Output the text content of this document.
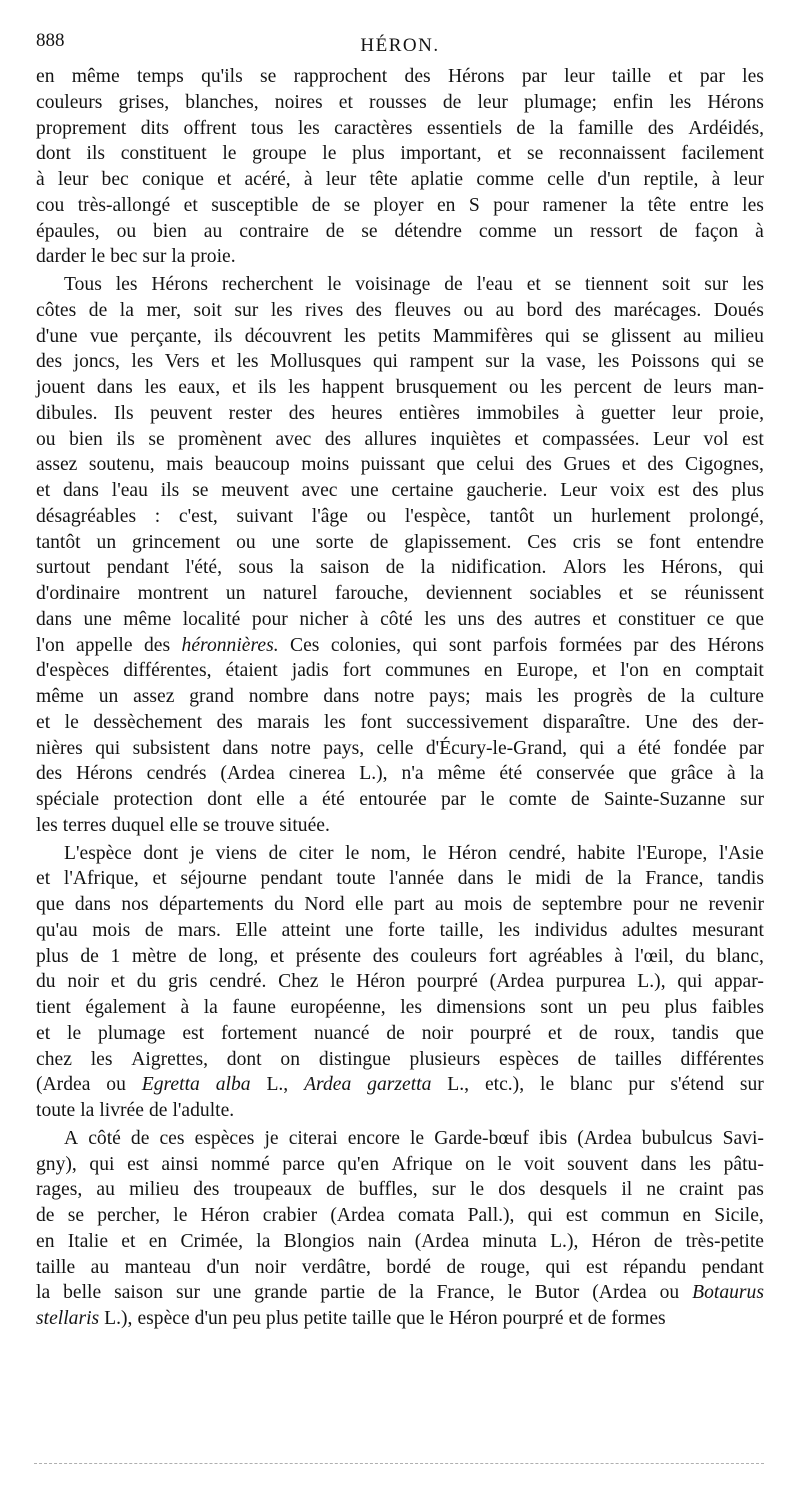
888	HÉRON.
en même temps qu'ils se rapprochent des Hérons par leur taille et par les
couleurs grises, blanches, noires et rousses de leur plumage; enfin les Hérons
proprement dits offrent tous les caractères essentiels de la famille des Ardéidés,
dont ils constituent le groupe le plus important, et se reconnaissent facilement
à leur bec conique et acéré, à leur tête aplatie comme celle d'un reptile, à leur
cou très-allongé et susceptible de se ployer en S pour ramener la tête entre les
épaules, ou bien au contraire de se détendre comme un ressort de façon à
darder le bec sur la proie.
Tous les Hérons recherchent le voisinage de l'eau et se tiennent soit sur les
côtes de la mer, soit sur les rives des fleuves ou au bord des marécages. Doués
d'une vue perçante, ils découvrent les petits Mammifères qui se glissent au milieu
des joncs, les Vers et les Mollusques qui rampent sur la vase, les Poissons qui se
jouent dans les eaux, et ils les happent brusquement ou les percent de leurs man-
dibules. Ils peuvent rester des heures entières immobiles à guetter leur proie,
ou bien ils se promènent avec des allures inquiètes et compassées. Leur vol est
assez soutenu, mais beaucoup moins puissant que celui des Grues et des Cigognes,
et dans l'eau ils se meuvent avec une certaine gaucherie. Leur voix est des plus
désagréables : c'est, suivant l'âge ou l'espèce, tantôt un hurlement prolongé,
tantôt un grincement ou une sorte de glapissement. Ces cris se font entendre
surtout pendant l'été, sous la saison de la nidification. Alors les Hérons, qui
d'ordinaire montrent un naturel farouche, deviennent sociables et se réunissent
dans une même localité pour nicher à côté les uns des autres et constituer ce que
l'on appelle des héronnières. Ces colonies, qui sont parfois formées par des Hérons
d'espèces différentes, étaient jadis fort communes en Europe, et l'on en comptait
même un assez grand nombre dans notre pays; mais les progrès de la culture
et le dessèchement des marais les font successivement disparaître. Une des der-
nières qui subsistent dans notre pays, celle d'Écury-le-Grand, qui a été fondée par
des Hérons cendrés (Ardea cinerea L.), n'a même été conservée que grâce à la
spéciale protection dont elle a été entourée par le comte de Sainte-Suzanne sur
les terres duquel elle se trouve située.
L'espèce dont je viens de citer le nom, le Héron cendré, habite l'Europe, l'Asie
et l'Afrique, et séjourne pendant toute l'année dans le midi de la France, tandis
que dans nos départements du Nord elle part au mois de septembre pour ne revenir
qu'au mois de mars. Elle atteint une forte taille, les individus adultes mesurant
plus de 1 mètre de long, et présente des couleurs fort agréables à l'œil, du blanc,
du noir et du gris cendré. Chez le Héron pourpré (Ardea purpurea L.), qui appar-
tient également à la faune européenne, les dimensions sont un peu plus faibles
et le plumage est fortement nuancé de noir pourpré et de roux, tandis que
chez les Aigrettes, dont on distingue plusieurs espèces de tailles différentes
(Ardea ou Egretta alba L., Ardea garzetta L., etc.), le blanc pur s'étend sur
toute la livrée de l'adulte.
A côté de ces espèces je citerai encore le Garde-bœuf ibis (Ardea bubulcus Savi-
gny), qui est ainsi nommé parce qu'en Afrique on le voit souvent dans les pâtu-
rages, au milieu des troupeaux de buffles, sur le dos desquels il ne craint pas
de se percher, le Héron crabier (Ardea comata Pall.), qui est commun en Sicile,
en Italie et en Crimée, la Blongios nain (Ardea minuta L.), Héron de très-petite
taille au manteau d'un noir verdâtre, bordé de rouge, qui est répandu pendant
la belle saison sur une grande partie de la France, le Butor (Ardea ou Botaurus
stellaris L.), espèce d'un peu plus petite taille que le Héron pourpré et de formes
